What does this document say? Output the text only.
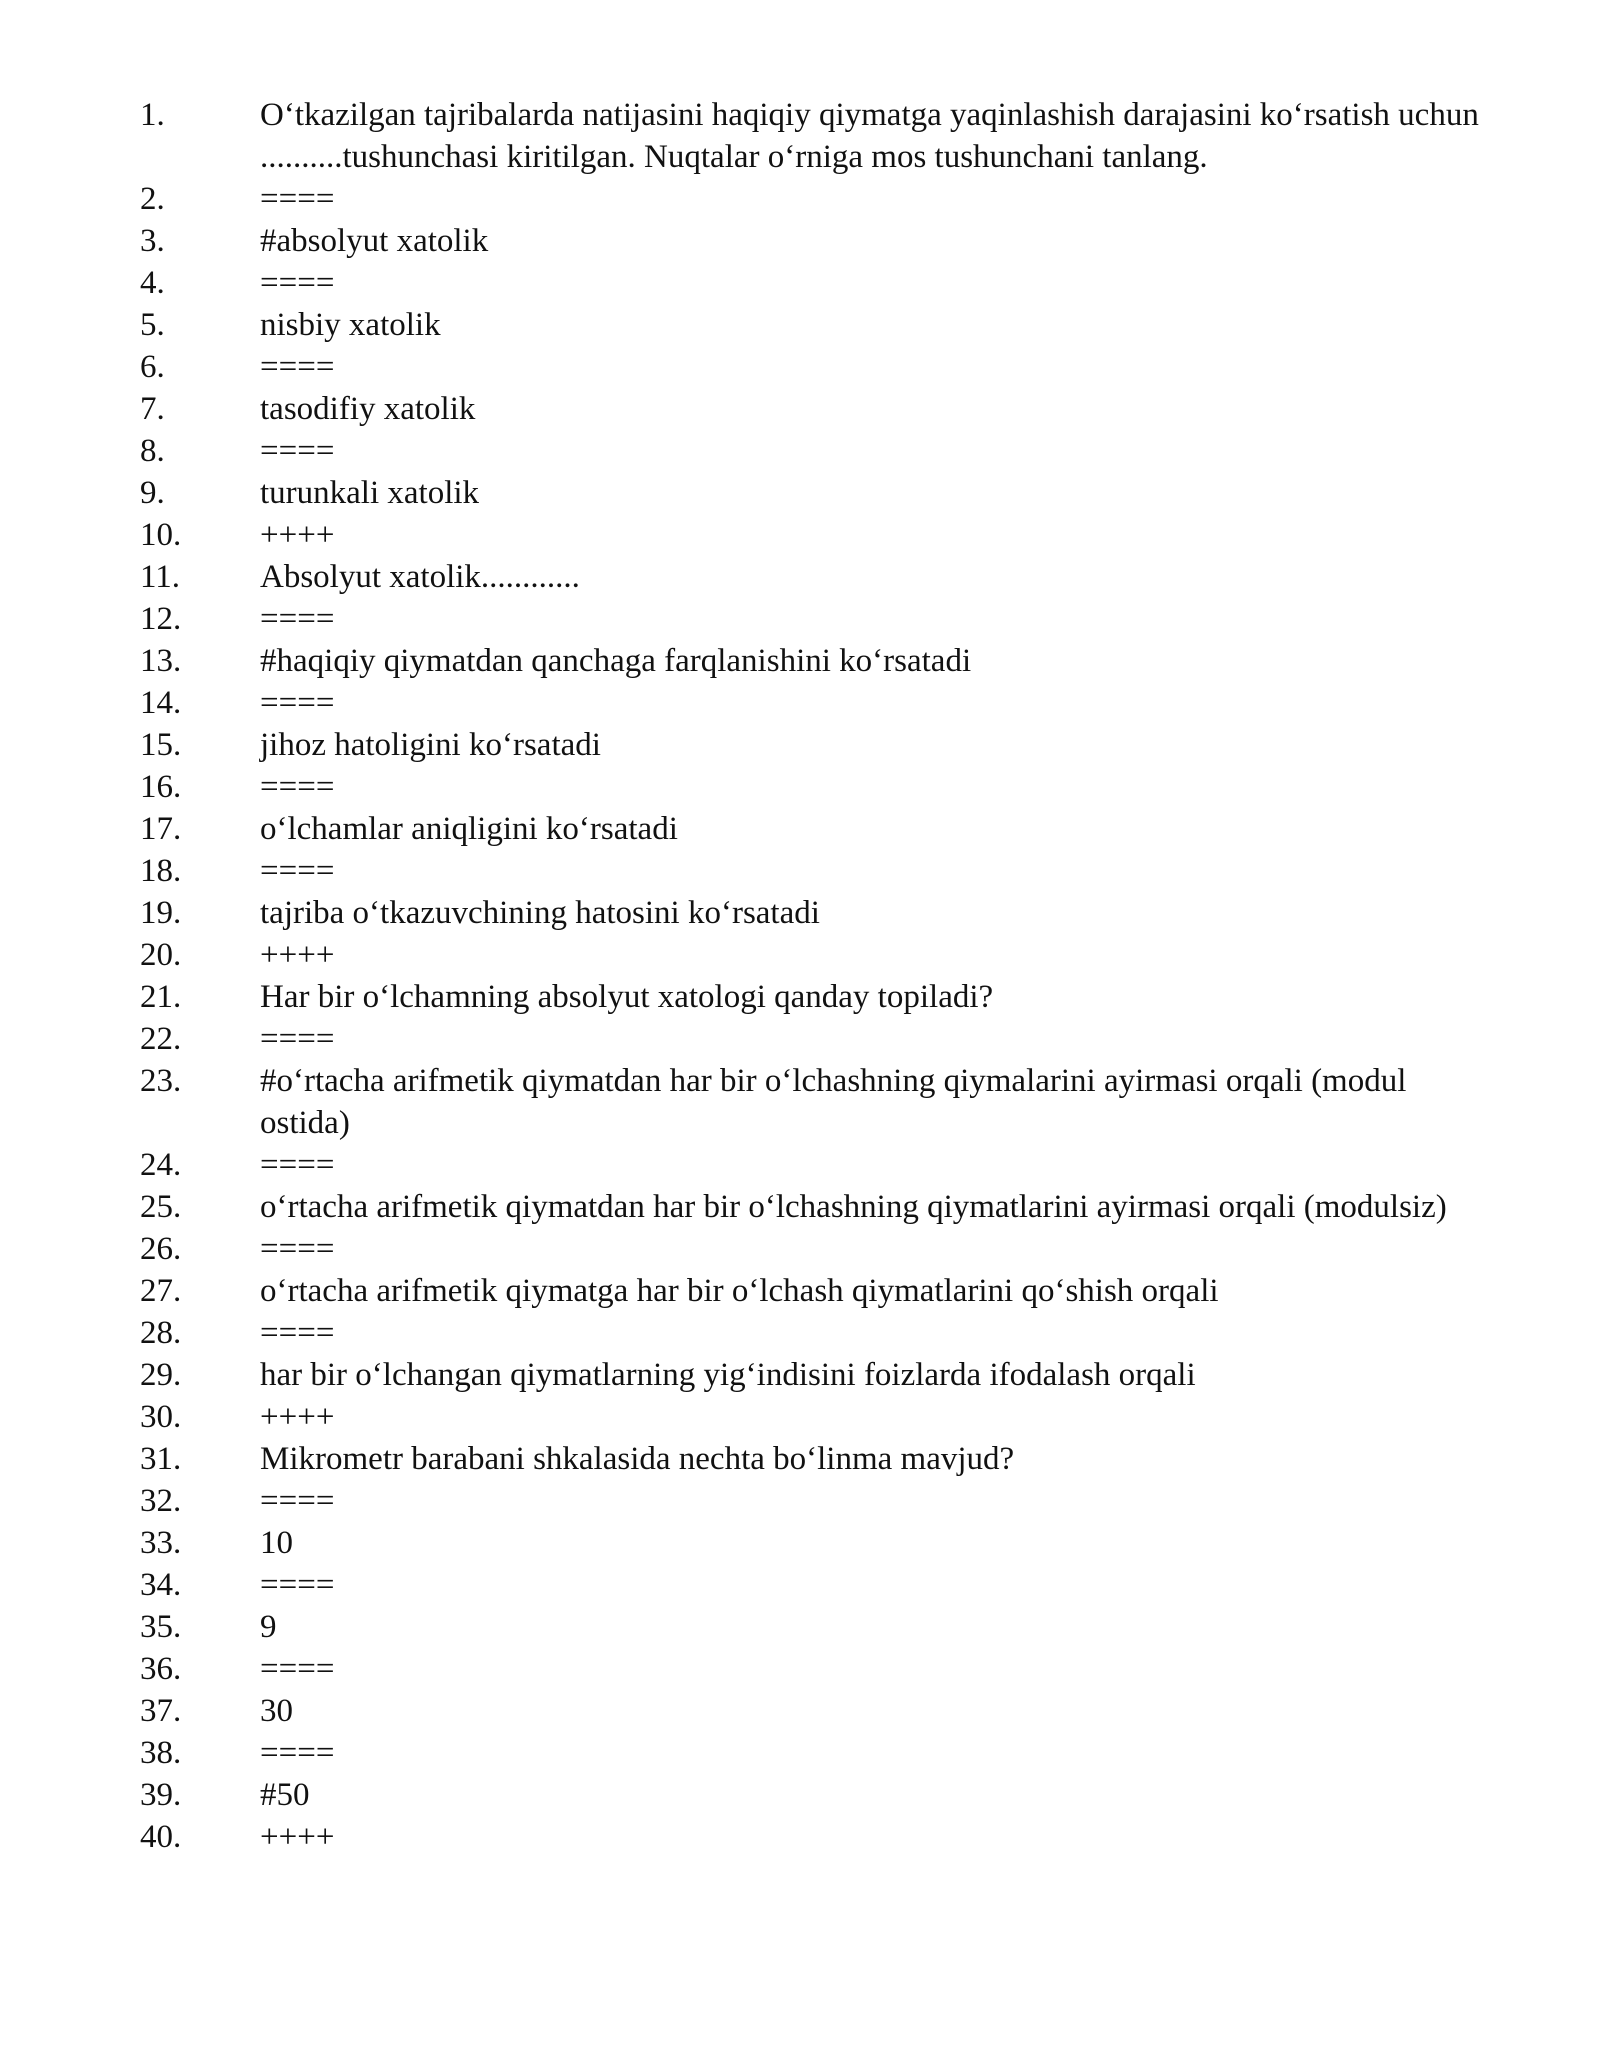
1.	O‘tkazilgan tajribalarda natijasini haqiqiy qiymatga yaqinlashish darajasini ko‘rsatish uchun ..........tushunchasi kiritilgan. Nuqtalar o‘rniga mos tushunchani tanlang.
2.	====
3.	#absolyut xatolik
4.	====
5.	nisbiy xatolik
6.	====
7.	tasodifiy xatolik
8.	====
9.	turunkali xatolik
10.	++++
11.	Absolyut xatolik............
12.	====
13.	#haqiqiy qiymatdan qanchaga farqlanishini ko‘rsatadi
14.	====
15.	jihoz hatoligini ko‘rsatadi
16.	====
17.	o‘lchamlar aniqligini ko‘rsatadi
18.	====
19.	tajriba o‘tkazuvchining hatosini ko‘rsatadi
20.	++++
21.	Har bir o‘lchamning absolyut xatologi qanday topiladi?
22.	====
23.	#o‘rtacha arifmetik qiymatdan har bir o‘lchashning qiymalarini ayirmasi orqali (modul ostida)
24.	====
25.	o‘rtacha arifmetik qiymatdan har bir o‘lchashning qiymatlarini ayirmasi orqali (modulsiz)
26.	====
27.	o‘rtacha arifmetik qiymatga har bir o‘lchash qiymatlarini qo‘shish orqali
28.	====
29.	har bir o‘lchangan qiymatlarning yig‘indisini foizlarda ifodalash orqali
30.	++++
31.	Mikrometr barabani shkalasida nechta bo‘linma mavjud?
32.	====
33.	10
34.	====
35.	9
36.	====
37.	30
38.	====
39.	#50
40.	++++
